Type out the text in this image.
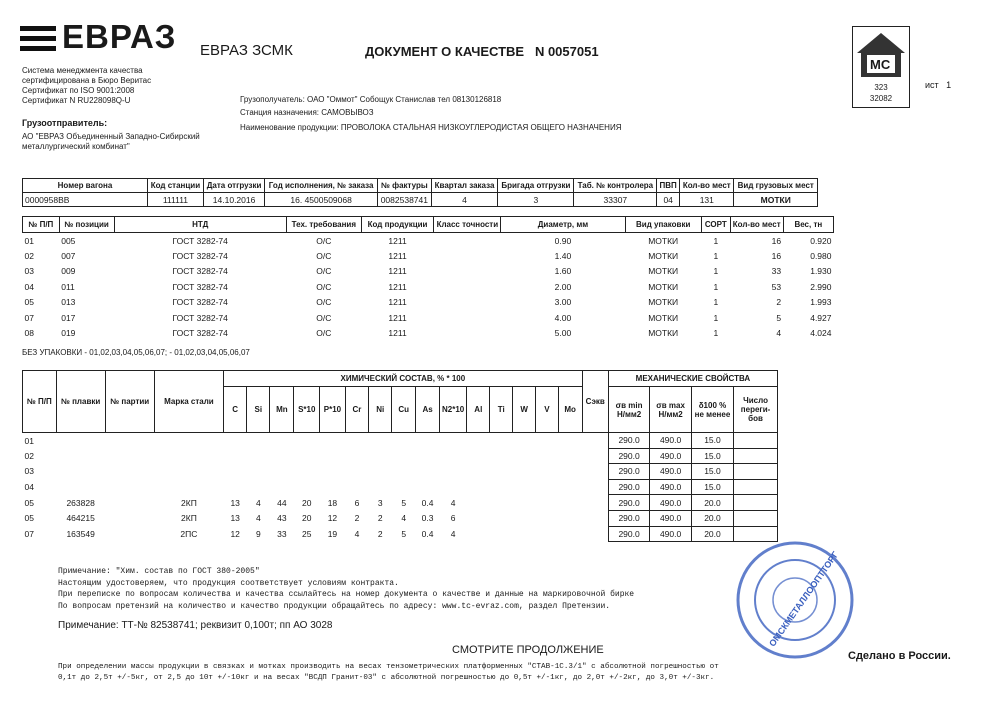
ЕВРАЗ ЕВРАЗ ЗСМК	ДОКУМЕНТ О КАЧЕСТВЕ N 0057051
Система менеджмента качества
сертифицирована в Бюро Веритас
Сертификат по ISO 9001:2008
Сертификат N RU228098Q-U
Грузоотправитель:
АО "ЕВРАЗ Объединенный Западно-Сибирский
металлургический комбинат"
Грузополучатель: ОАО "Оммот" Собощук Станислав тел 08130126818
Станция назначения: САМОВЫВОЗ
Наименование продукции: ПРОВОЛОКА СТАЛЬНАЯ НИЗКОУГЛЕРОДИСТАЯ ОБЩЕГО НАЗНАЧЕНИЯ
МС
323
32082
ист 1
Номер вагона	Код станции	Дата отгрузки	Год исполнения, № заказа	№ фактуры	Квартал заказа	Бригада отгрузки	Таб. № контролера	ПВП	Кол-во мест	Вид грузовых мест
0000958BB	111111	14.10.2016	16. 4500509068	0082538741	4	3	33307	04	131	МОТКИ
№ П/П	№ позиции	НТД	Тех. требования	Код продукции	Класс точности	Диаметр, мм	Вид упаковки	СОРТ	Кол-во мест	Вес, тн
01	005	ГОСТ 3282-74	О/С	1211		0.90	МОТКИ	1	16	0.920
02	007	ГОСТ 3282-74	О/С	1211		1.40	МОТКИ	1	16	0.980
03	009	ГОСТ 3282-74	О/С	1211		1.60	МОТКИ	1	33	1.930
04	011	ГОСТ 3282-74	О/С	1211		2.00	МОТКИ	1	53	2.990
05	013	ГОСТ 3282-74	О/С	1211		3.00	МОТКИ	1	2	1.993
07	017	ГОСТ 3282-74	О/С	1211		4.00	МОТКИ	1	5	4.927
08	019	ГОСТ 3282-74	О/С	1211		5.00	МОТКИ	1	4	4.024
БЕЗ УПАКОВКИ - 01,02,03,04,05,06,07; - 01,02,03,04,05,06,07
№ П/П	№ плавки	№ партии	Марка стали	ХИМИЧЕСКИЙ СОСТАВ, % * 100															Сэкв	МЕХАНИЧЕСКИЕ СВОЙСТВА			
				C	Si	Mn	S*10	P*10	Cr	Ni	Cu	As	N2*10	Al	Ti	W	V	Mo		σв min Н/мм2	σв max Н/мм2	δ100 % не менее	Число переги-бов
01																				290.0	490.0	15.0	
02																				290.0	490.0	15.0	
03																				290.0	490.0	15.0	
04																				290.0	490.0	15.0	
05	263828		2КП	13	4	44	20	18	6	3	5	0.4	4							290.0	490.0	20.0	
05	464215		2КП	13	4	43	20	12	2	2	4	0.3	6							290.0	490.0	20.0	
07	163549		2ПС	12	9	33	25	19	4	2	5	0.4	4							290.0	490.0	20.0	
Примечание: "Хим. состав по ГОСТ 380-2005"
Настоящим удостоверяем, что продукция соответствует условиям контракта.
При переписке по вопросам количества и качества ссылайтесь на номер документа о качестве и данные на маркировочной бирке
По вопросам претензий на количество и качество продукции обращайтесь по адресу: www.tc-evraz.com, раздел Претензии.
Примечание: ТТ-№ 82538741; реквизит 0,100т; пп АО 3028
СМОТРИТЕ ПРОДОЛЖЕНИЕ	Сделано в России.
При определении массы продукции в связках и мотках производить на весах тензометрических платформенных "СТАВ-1С.3/1" с абсолютной погрешностью от
0,1т до 2,5т +/-5кг, от 2,5 до 10т +/-10кг и на весах "ВСДП Гранит-03" с абсолютной погрешностью до 0,5т +/-1кг, до 2,0т +/-2кг, до 3,0т +/-3кг.
ОМСКМЕТАЛЛООПТТОРГ
